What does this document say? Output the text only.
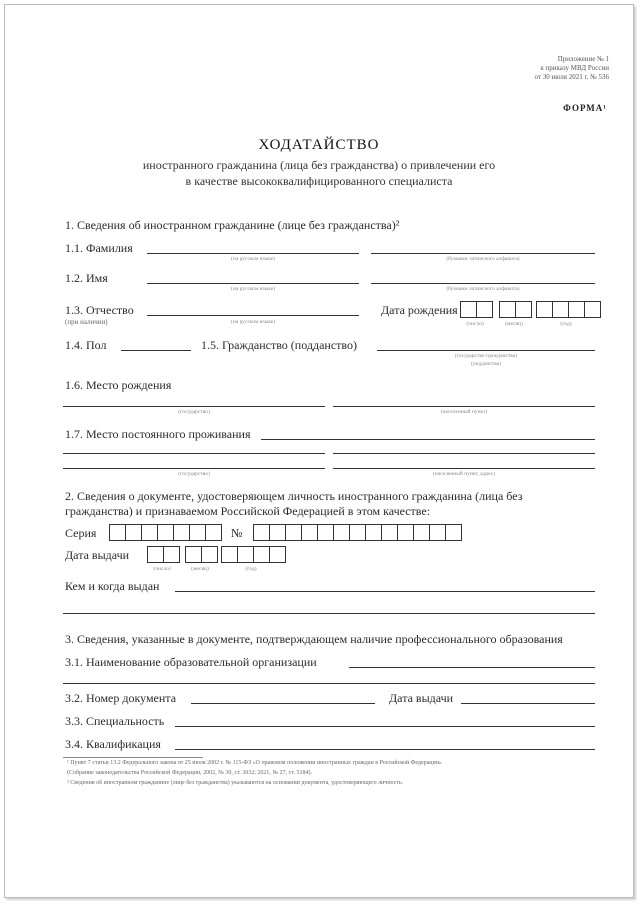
Приложение № 1
к приказу МВД России
от 30 июля 2021 г. № 536
ФОРМА¹
ХОДАТАЙСТВО
иностранного гражданина (лица без гражданства) о привлечении его
в качестве высококвалифицированного специалиста
1. Сведения об иностранном гражданине (лице без гражданства)²
1.1. Фамилия
(на русском языке)	(буквами латинского алфавита)
1.2. Имя
(на русском языке)	(буквами латинского алфавита)
1.3. Отчество
(при наличии)	(на русском языке)
Дата рождения
(число)	(месяц)	(год)
1.4. Пол	1.5. Гражданство (подданство)
(государство гражданства)
(подданства)
1.6. Место рождения
(государство)	(населенный пункт)
1.7. Место постоянного проживания
(государство)	(населенный пункт, адрес)
2. Сведения о документе, удостоверяющем личность иностранного гражданина (лица без
гражданства) и признаваемом Российской Федерацией в этом качестве:
Серия	№
Дата выдачи
(число)	(месяц)	(год)
Кем и когда выдан
3. Сведения, указанные в документе, подтверждающем наличие профессионального образования
3.1. Наименование образовательной организации
3.2. Номер документа	Дата выдачи
3.3. Специальность
3.4. Квалификация
¹ Пункт 7 статьи 13.2 Федерального закона от 25 июля 2002 г. № 115-ФЗ «О правовом положении иностранных граждан в Российской Федерации»
(Собрание законодательства Российской Федерации, 2002, № 30, ст. 3032; 2021, № 27, ст. 5184).
² Сведения об иностранном гражданине (лице без гражданства) указываются на основании документа, удостоверяющего личность.
